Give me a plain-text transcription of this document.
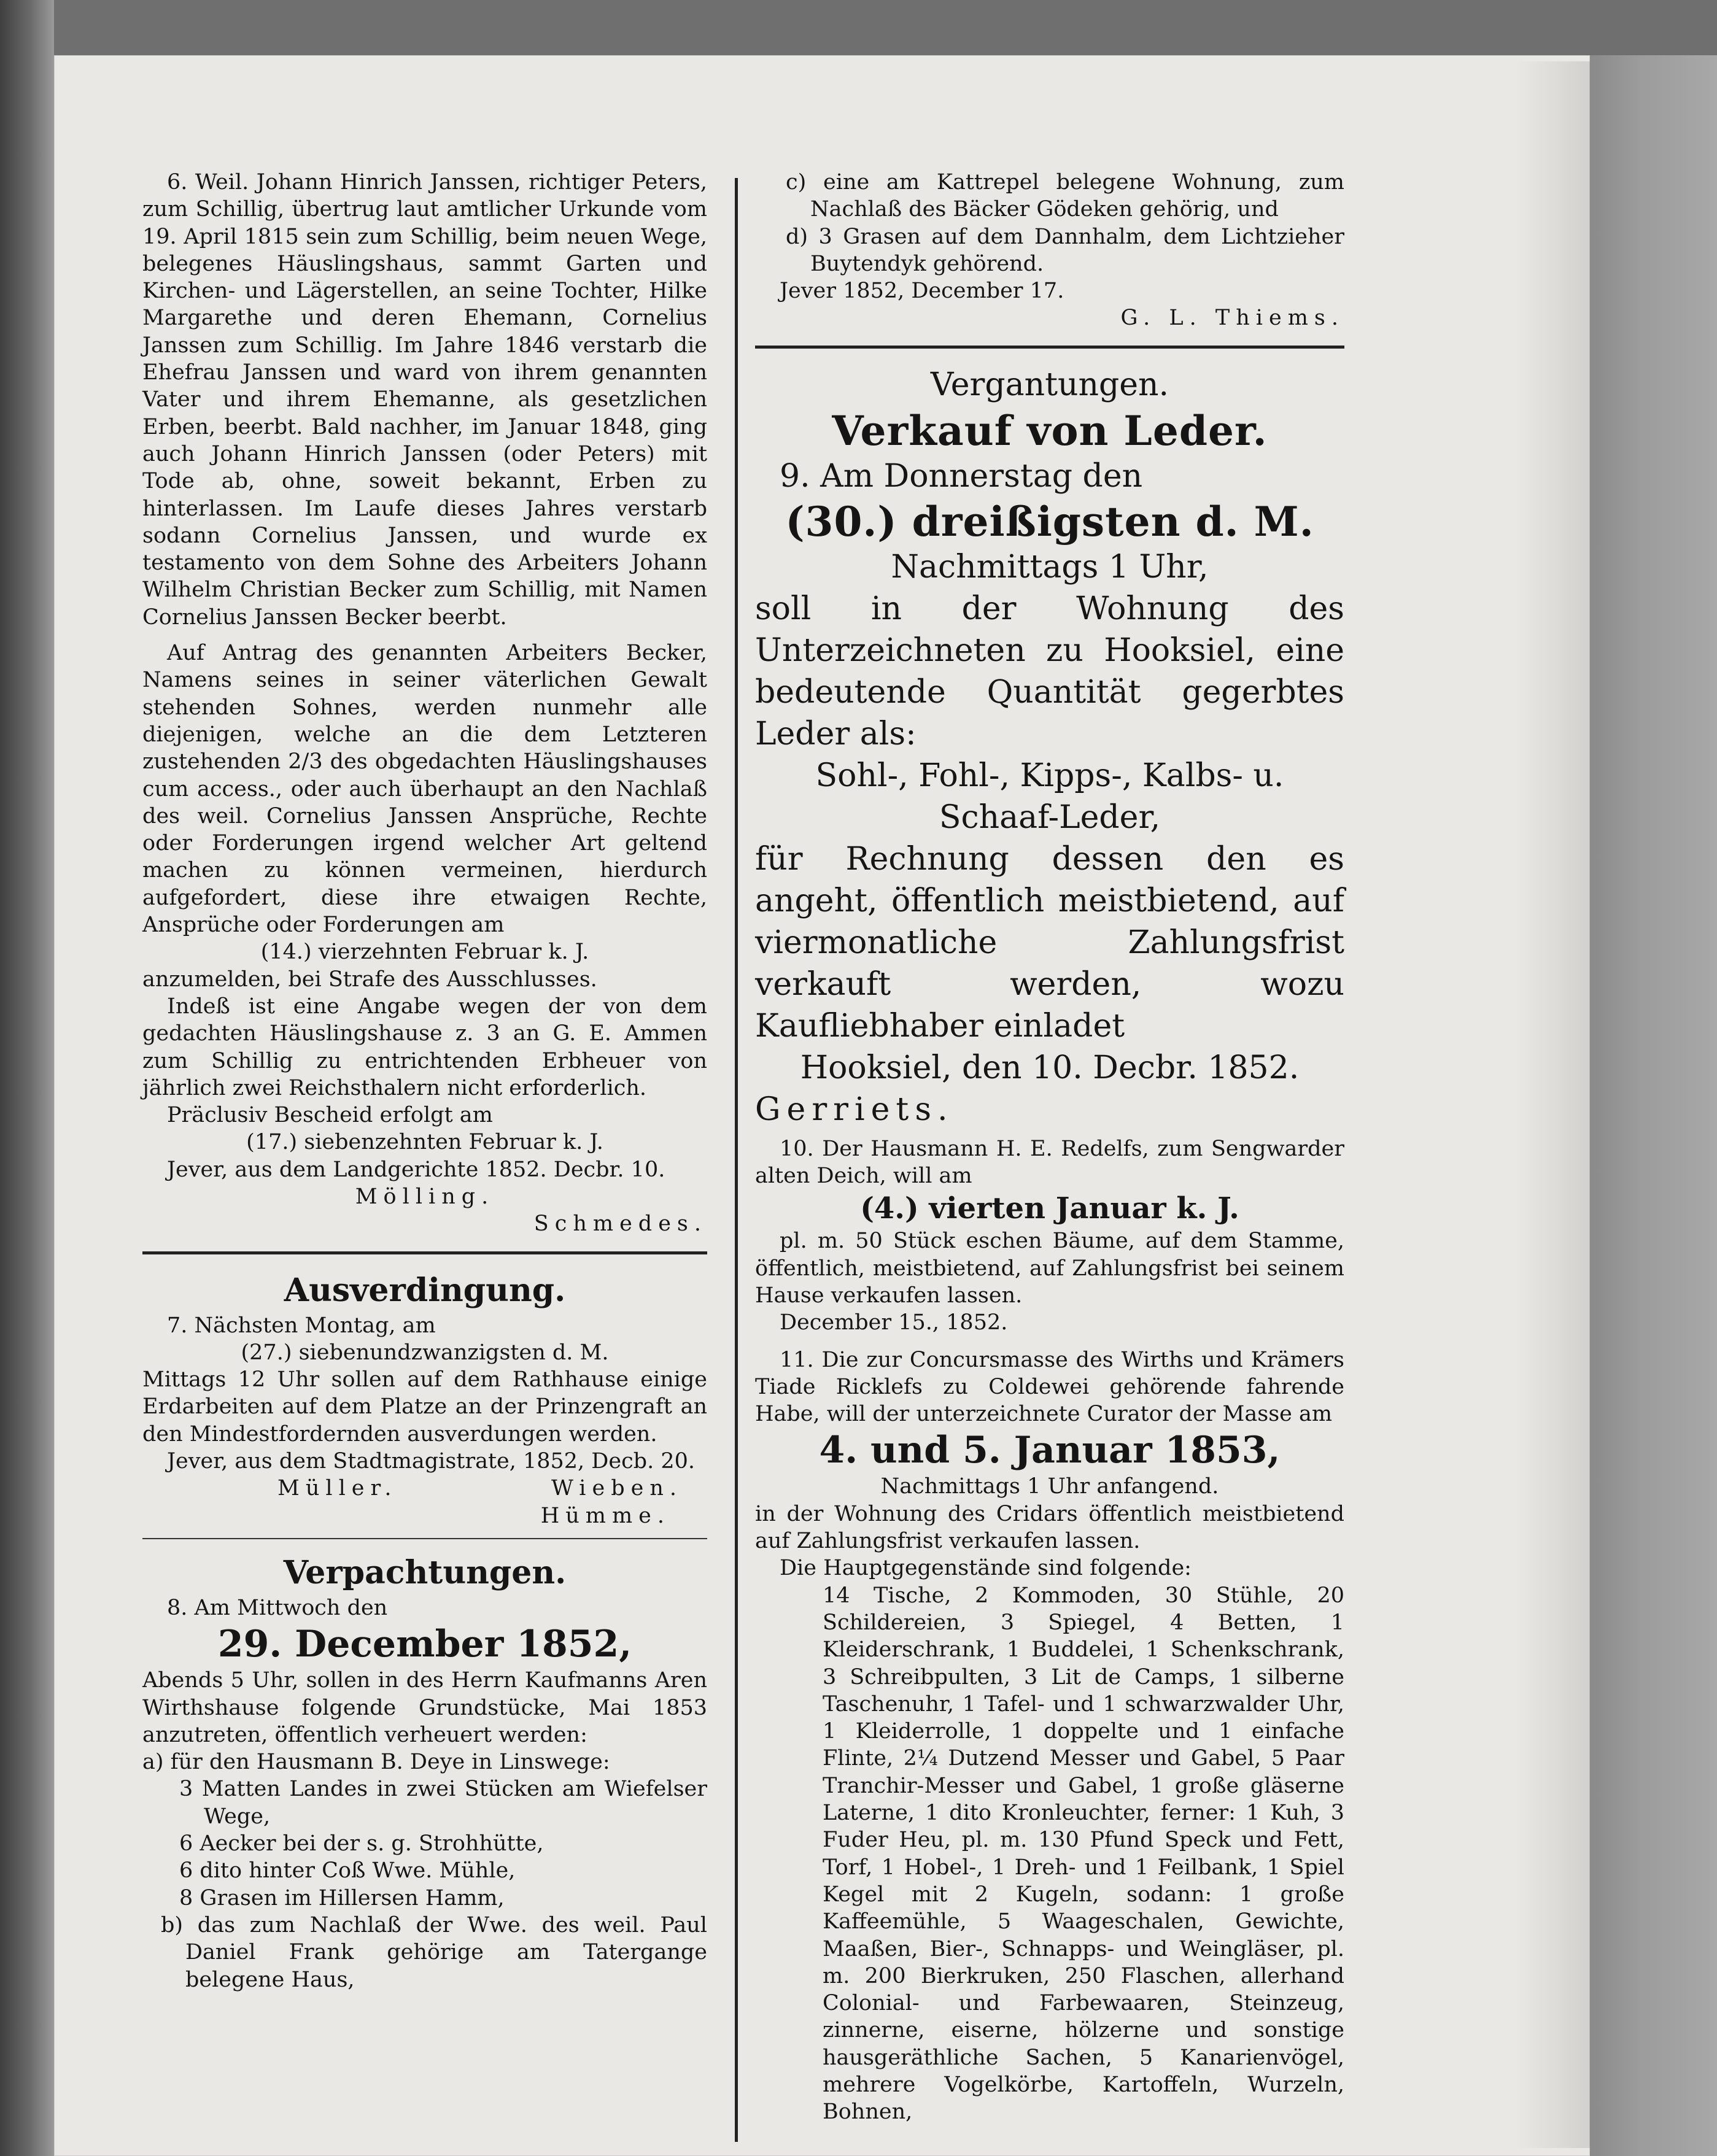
6. Weil. Johann Hinrich Janssen, richtiger Peters, zum Schillig, übertrug laut amtlicher Urkunde vom 19. April 1815 sein zum Schillig, beim neuen Wege, belegenes Häuslingshaus, sammt Garten und Kirchen- und Lägerstellen, an seine Tochter, Hilke Margarethe und deren Ehemann, Cornelius Janssen zum Schillig. Im Jahre 1846 verstarb die Ehefrau Janssen und ward von ihrem genannten Vater und ihrem Ehemanne, als gesetzlichen Erben, beerbt. Bald nachher, im Januar 1848, ging auch Johann Hinrich Janssen (oder Peters) mit Tode ab, ohne, soweit bekannt, Erben zu hinterlassen. Im Laufe dieses Jahres verstarb sodann Cornelius Janssen, und wurde ex testamento von dem Sohne des Arbeiters Johann Wilhelm Christian Becker zum Schillig, mit Namen Cornelius Janssen Becker beerbt.

Auf Antrag des genannten Arbeiters Becker, Namens seines in seiner väterlichen Gewalt stehenden Sohnes, werden nunmehr alle diejenigen, welche an die dem Letzteren zustehenden 2/3 des obgedachten Häuslingshauses cum access., oder auch überhaupt an den Nachlaß des weil. Cornelius Janssen Ansprüche, Rechte oder Forderungen irgend welcher Art geltend machen zu können vermeinen, hierdurch aufgefordert, diese ihre etwaigen Rechte, Ansprüche oder Forderungen am

(14.) vierzehnten Februar k. J.

anzumelden, bei Strafe des Ausschlusses.

Indeß ist eine Angabe wegen der von dem gedachten Häuslingshause z. 3 an G. E. Ammen zum Schillig zu entrichtenden Erbheuer von jährlich zwei Reichsthalern nicht erforderlich.

Präclusiv Bescheid erfolgt am

(17.) siebenzehnten Februar k. J.

Jever, aus dem Landgerichte 1852. Decbr. 10.

Mölling.

Schmedes.

Ausverdingung.

7. Nächsten Montag, am

(27.) siebenundzwanzigsten d. M.

Mittags 12 Uhr sollen auf dem Rathhause einige Erdarbeiten auf dem Platze an der Prinzengraft an den Mindestfordernden ausverdungen werden.

Jever, aus dem Stadtmagistrate, 1852, Decb. 20.

Müller.	Wieben.

Hümme.

Verpachtungen.

8. Am Mittwoch den

29. December 1852,

Abends 5 Uhr, sollen in des Herrn Kaufmanns Aren Wirthshause folgende Grundstücke, Mai 1853 anzutreten, öffentlich verheuert werden:

a) für den Hausmann B. Deye in Linswege:

3 Matten Landes in zwei Stücken am Wiefelser Wege,

6 Aecker bei der s. g. Strohhütte,

6 dito hinter Coß Wwe. Mühle,

8 Grasen im Hillersen Hamm,

b) das zum Nachlaß der Wwe. des weil. Paul Daniel Frank gehörige am Tatergange belegene Haus,

c) eine am Kattrepel belegene Wohnung, zum Nachlaß des Bäcker Gödeken gehörig, und

d) 3 Grasen auf dem Dannhalm, dem Lichtzieher Buytendyk gehörend.

Jever 1852, December 17.

G. L. Thiems.

Vergantungen.
Verkauf von Leder.

9. Am Donnerstag den

(30.) dreißigsten d. M.
Nachmittags 1 Uhr,

soll in der Wohnung des Unterzeichneten zu Hooksiel, eine bedeutende Quantität gegerbtes Leder als:

Sohl-, Fohl-, Kipps-, Kalbs- u. Schaaf-Leder,

für Rechnung dessen den es angeht, öffentlich meistbietend, auf viermonatliche Zahlungsfrist verkauft werden, wozu Kaufliebhaber einladet

Hooksiel, den 10. Decbr. 1852.

Gerriets.

10. Der Hausmann H. E. Redelfs, zum Sengwarder alten Deich, will am

(4.) vierten Januar k. J.

pl. m. 50 Stück eschen Bäume, auf dem Stamme, öffentlich, meistbietend, auf Zahlungsfrist bei seinem Hause verkaufen lassen.

December 15., 1852.

11. Die zur Concursmasse des Wirths und Krämers Tiade Ricklefs zu Coldewei gehörende fahrende Habe, will der unterzeichnete Curator der Masse am

4. und 5. Januar 1853,

Nachmittags 1 Uhr anfangend.

in der Wohnung des Cridars öffentlich meistbietend auf Zahlungsfrist verkaufen lassen.

Die Hauptgegenstände sind folgende:

14 Tische, 2 Kommoden, 30 Stühle, 20 Schildereien, 3 Spiegel, 4 Betten, 1 Kleiderschrank, 1 Buddelei, 1 Schenkschrank, 3 Schreibpulten, 3 Lit de Camps, 1 silberne Taschenuhr, 1 Tafel- und 1 schwarzwalder Uhr, 1 Kleiderrolle, 1 doppelte und 1 einfache Flinte, 2¼ Dutzend Messer und Gabel, 5 Paar Tranchir-Messer und Gabel, 1 große gläserne Laterne, 1 dito Kronleuchter, ferner: 1 Kuh, 3 Fuder Heu, pl. m. 130 Pfund Speck und Fett, Torf, 1 Hobel-, 1 Dreh- und 1 Feilbank, 1 Spiel Kegel mit 2 Kugeln, sodann: 1 große Kaffeemühle, 5 Waageschalen, Gewichte, Maaßen, Bier-, Schnapps- und Weingläser, pl. m. 200 Bierkruken, 250 Flaschen, allerhand Colonial- und Farbewaaren, Steinzeug, zinnerne, eiserne, hölzerne und sonstige hausgeräthliche Sachen, 5 Kanarienvögel, mehrere Vogelkörbe, Kartoffeln, Wurzeln, Bohnen,
